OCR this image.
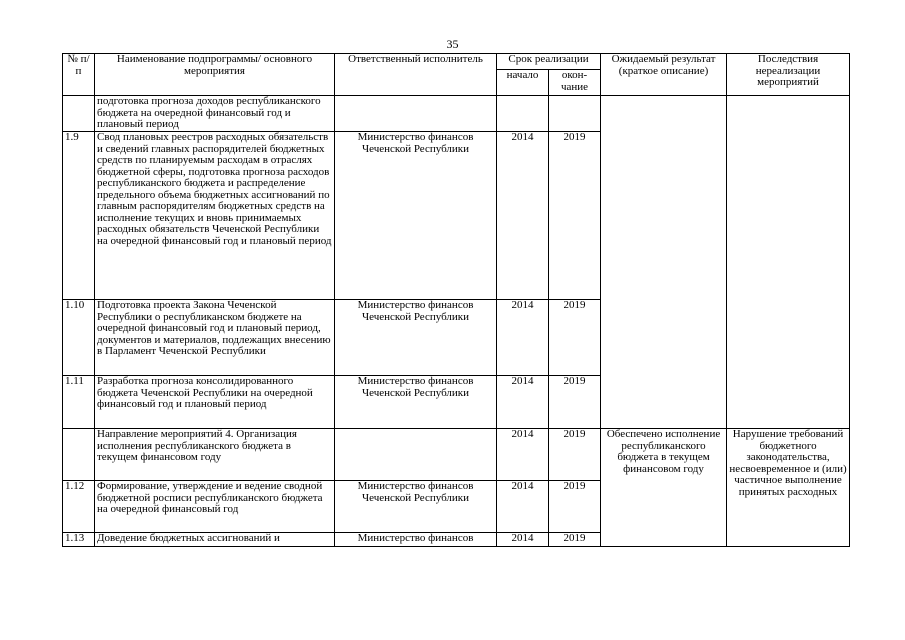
35
№ п/п	Наименование подпрограммы/ основного мероприятия	Ответственный исполнитель	Срок реализации		Ожидаемый результат (краткое описание)	Последствия нереализации мероприятий
			начало	окон- чание		
	подготовка прогноза доходов республиканского бюджета на очередной финансовый год и плановый период					
1.9	Свод плановых реестров расходных обязательств и сведений главных распорядителей бюджетных средств по планируемым расходам в отраслях бюджетной сферы, подготовка прогноза расходов республиканского бюджета и распределение предельного объема бюджетных ассигнований по главным распорядителям бюджетных средств на исполнение текущих и вновь принимаемых расходных обязательств Чеченской Республики на очередной финансовый год и плановый период	Министерство финансов Чеченской Республики	2014	2019		
1.10	Подготовка проекта Закона Чеченской Республики о республиканском бюджете на очередной финансовый год и плановый период, документов и материалов, подлежащих внесению в Парламент Чеченской Республики	Министерство финансов Чеченской Республики	2014	2019		
1.11	Разработка прогноза консолидированного бюджета Чеченской Республики на очередной финансовый год и плановый период	Министерство финансов Чеченской Республики	2014	2019		
	Направление мероприятий 4. Организация исполнения республиканского бюджета в текущем финансовом году		2014	2019	Обеспечено исполнение республиканского бюджета в текущем финансовом году	Нарушение требований бюджетного законодательства, несвоевременное и (или) частичное выполнение принятых расходных
1.12	Формирование, утверждение и ведение сводной бюджетной росписи республиканского бюджета на очередной финансовый год	Министерство финансов Чеченской Республики	2014	2019		
1.13	Доведение бюджетных ассигнований и	Министерство финансов	2014	2019		
